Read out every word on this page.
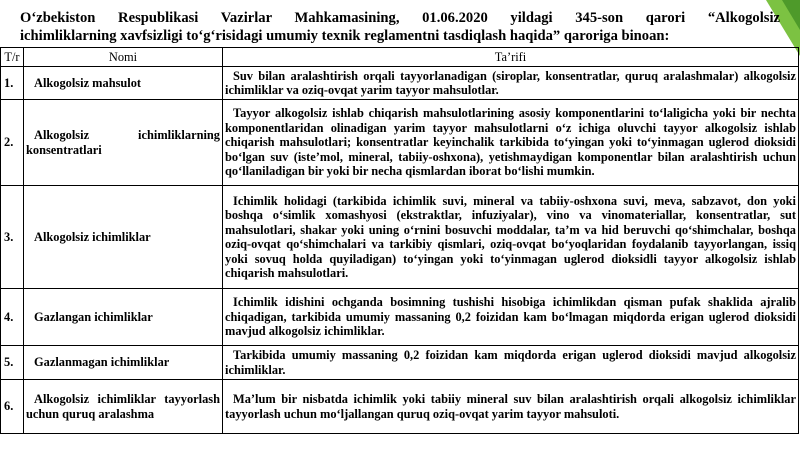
O‘zbekiston Respublikasi Vazirlar Mahkamasining, 01.06.2020 yildagi 345-son qarori “Alkogolsiz
ichimliklarning xavfsizligi to‘g‘risidagi umumiy texnik reglamentni tasdiqlash haqida” qaroriga binoan:
T/r	Nomi	Ta’rifi
1.	Alkogolsiz mahsulot	Suv bilan aralashtirish orqali tayyorlanadigan (siroplar, konsentratlar, quruq aralashmalar) alkogolsiz ichimliklar va oziq-ovqat yarim tayyor mahsulotlar.
2.	Alkogolsiz ichimliklarning konsentratlari	Tayyor alkogolsiz ishlab chiqarish mahsulotlarining asosiy komponentlarini to‘laligicha yoki bir nechta komponentlaridan olinadigan yarim tayyor mahsulotlarni o‘z ichiga oluvchi tayyor alkogolsiz ishlab chiqarish mahsulotlari; konsentratlar keyinchalik tarkibida to‘yingan yoki to‘yinmagan uglerod dioksidi bo‘lgan suv (iste’mol, mineral, tabiiy-oshxona), yetishmaydigan komponentlar bilan aralashtirish uchun qo‘llaniladigan bir yoki bir necha qismlardan iborat bo‘lishi mumkin.
3.	Alkogolsiz ichimliklar	Ichimlik holidagi (tarkibida ichimlik suvi, mineral va tabiiy-oshxona suvi, meva, sabzavot, don yoki boshqa o‘simlik xomashyosi (ekstraktlar, infuziyalar), vino va vinomateriallar, konsentratlar, sut mahsulotlari, shakar yoki uning o‘rnini bosuvchi moddalar, ta’m va hid beruvchi qo‘shimchalar, boshqa oziq-ovqat qo‘shimchalari va tarkibiy qismlari, oziq-ovqat bo‘yoqlaridan foydalanib tayyorlangan, issiq yoki sovuq holda quyiladigan) to‘yingan yoki to‘yinmagan uglerod dioksidli tayyor alkogolsiz ishlab chiqarish mahsulotlari.
4.	Gazlangan ichimliklar	Ichimlik idishini ochganda bosimning tushishi hisobiga ichimlikdan qisman pufak shaklida ajralib chiqadigan, tarkibida umumiy massaning 0,2 foizidan kam bo‘lmagan miqdorda erigan uglerod dioksidi mavjud alkogolsiz ichimliklar.
5.	Gazlanmagan ichimliklar	Tarkibida umumiy massaning 0,2 foizidan kam miqdorda erigan uglerod dioksidi mavjud alkogolsiz ichimliklar.
6.	Alkogolsiz ichimliklar tayyorlash uchun quruq aralashma	Ma’lum bir nisbatda ichimlik yoki tabiiy mineral suv bilan aralashtirish orqali alkogolsiz ichimliklar tayyorlash uchun mo‘ljallangan quruq oziq-ovqat yarim tayyor mahsuloti.
